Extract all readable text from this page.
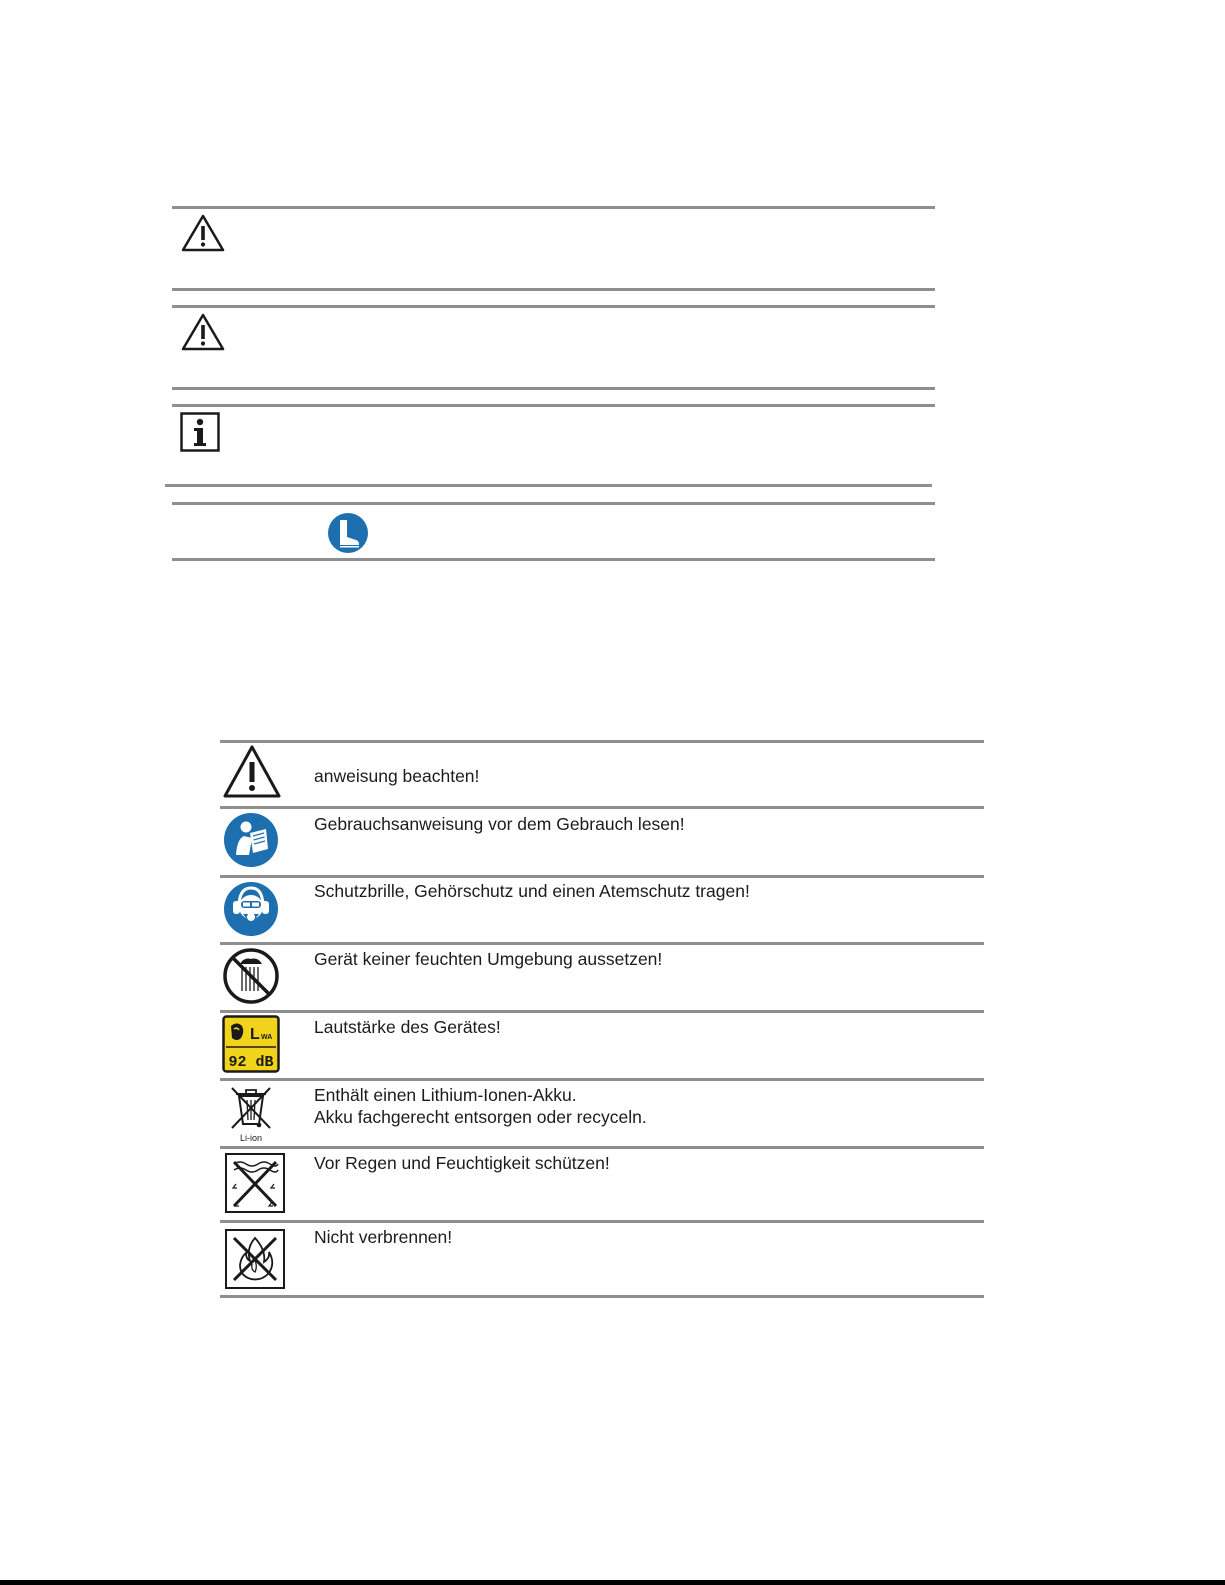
anweisung beachten!
Gebrauchsanweisung vor dem Gebrauch lesen!
Schutzbrille, Gehörschutz und einen Atemschutz tragen!
Gerät keiner feuchten Umgebung aussetzen!
L WA
92 dB
Lautstärke des Gerätes!
Li-ion
Enthält einen Lithium-Ionen-Akku.
Akku fachgerecht entsorgen oder recyceln.
Vor Regen und Feuchtigkeit schützen!
Nicht verbrennen!
